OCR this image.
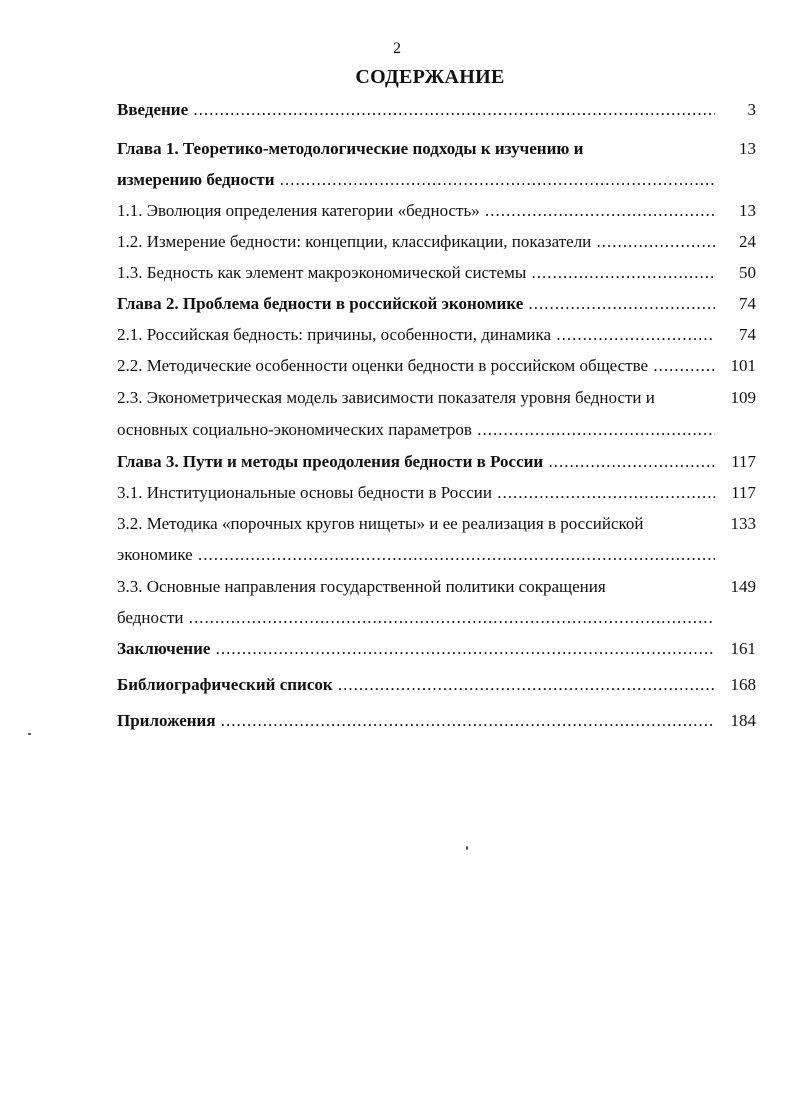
2
СОДЕРЖАНИЕ
Введение .....	3
Глава 1. Теоретико-методологические подходы к изучению и
измерению бедности .....
13
1.1. Эволюция определения категории «бедность» .....	13
1.2. Измерение бедности: концепции, классификации, показатели .....	24
1.3. Бедность как элемент макроэкономической системы .....	50
Глава 2. Проблема бедности в российской экономике .....	74
2.1. Российская бедность: причины, особенности, динамика .....	74
2.2. Методические особенности оценки бедности в российском обществе .....	101
2.3. Эконометрическая модель зависимости показателя уровня бедности и
основных социально-экономических параметров .....
109
Глава 3. Пути и методы преодоления бедности в России .....	117
3.1. Институциональные основы бедности в России .....	117
3.2. Методика «порочных кругов нищеты» и ее реализация в российской
экономике .....
133
3.3. Основные направления государственной политики сокращения
бедности .....
149
Заключение .....	161
Библиографический список .....	168
Приложения .....	184
